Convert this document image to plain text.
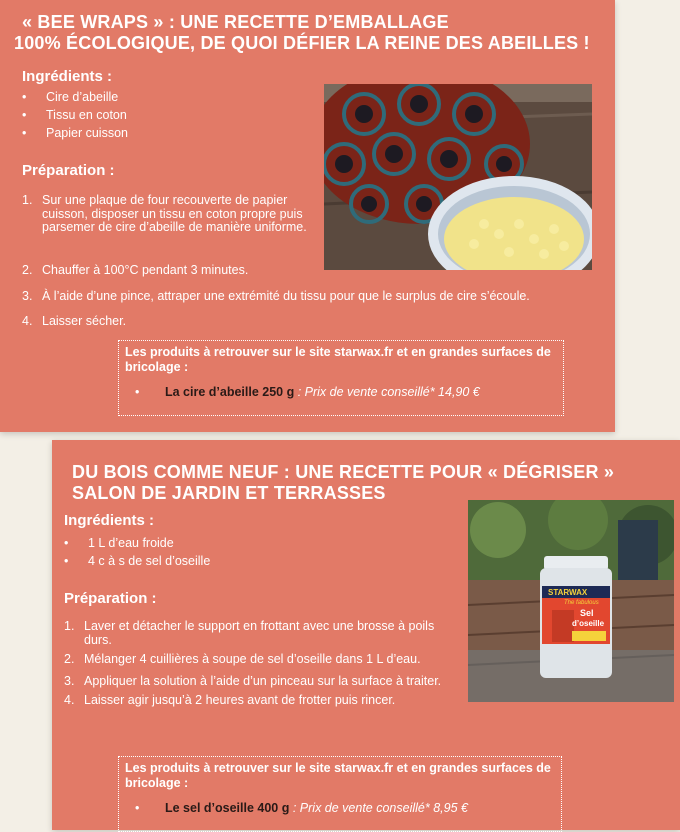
« BEE WRAPS » : UNE RECETTE D’EMBALLAGE
100% ÉCOLOGIQUE, DE QUOI DÉFIER LA REINE DES ABEILLES !
Ingrédients :
• Cire d’abeille
• Tissu en coton
• Papier cuisson
Préparation :
1. Sur une plaque de four recouverte de papier cuisson, disposer un tissu en coton propre puis parsemer de cire d’abeille de manière uniforme.
2. Chauffer à 100°C pendant 3 minutes.
3. À l’aide d’une pince, attraper une extrémité du tissu pour que le surplus de cire s’écoule.
4. Laisser sécher.
Les produits à retrouver sur le site starwax.fr et en grandes surfaces de bricolage :
• La cire d’abeille 250 g : Prix de vente conseillé* 14,90 €
DU BOIS COMME NEUF : UNE RECETTE POUR « DÉGRISER »
SALON DE JARDIN ET TERRASSES
Ingrédients :
• 1 L d’eau froide
• 4 c à s de sel d’oseille
Préparation :
1. Laver et détacher le support en frottant avec une brosse à poils durs.
2. Mélanger 4 cuillières à soupe de sel d’oseille dans 1 L d’eau.
3. Appliquer la solution à l’aide d’un pinceau sur la surface à traiter.
4. Laisser agir jusqu’à 2 heures avant de frotter puis rincer.
Les produits à retrouver sur le site starwax.fr et en grandes surfaces de bricolage :
• Le sel d’oseille 400 g : Prix de vente conseillé* 8,95 €
STARWAX
The fabulous
Sel
d’oseille
